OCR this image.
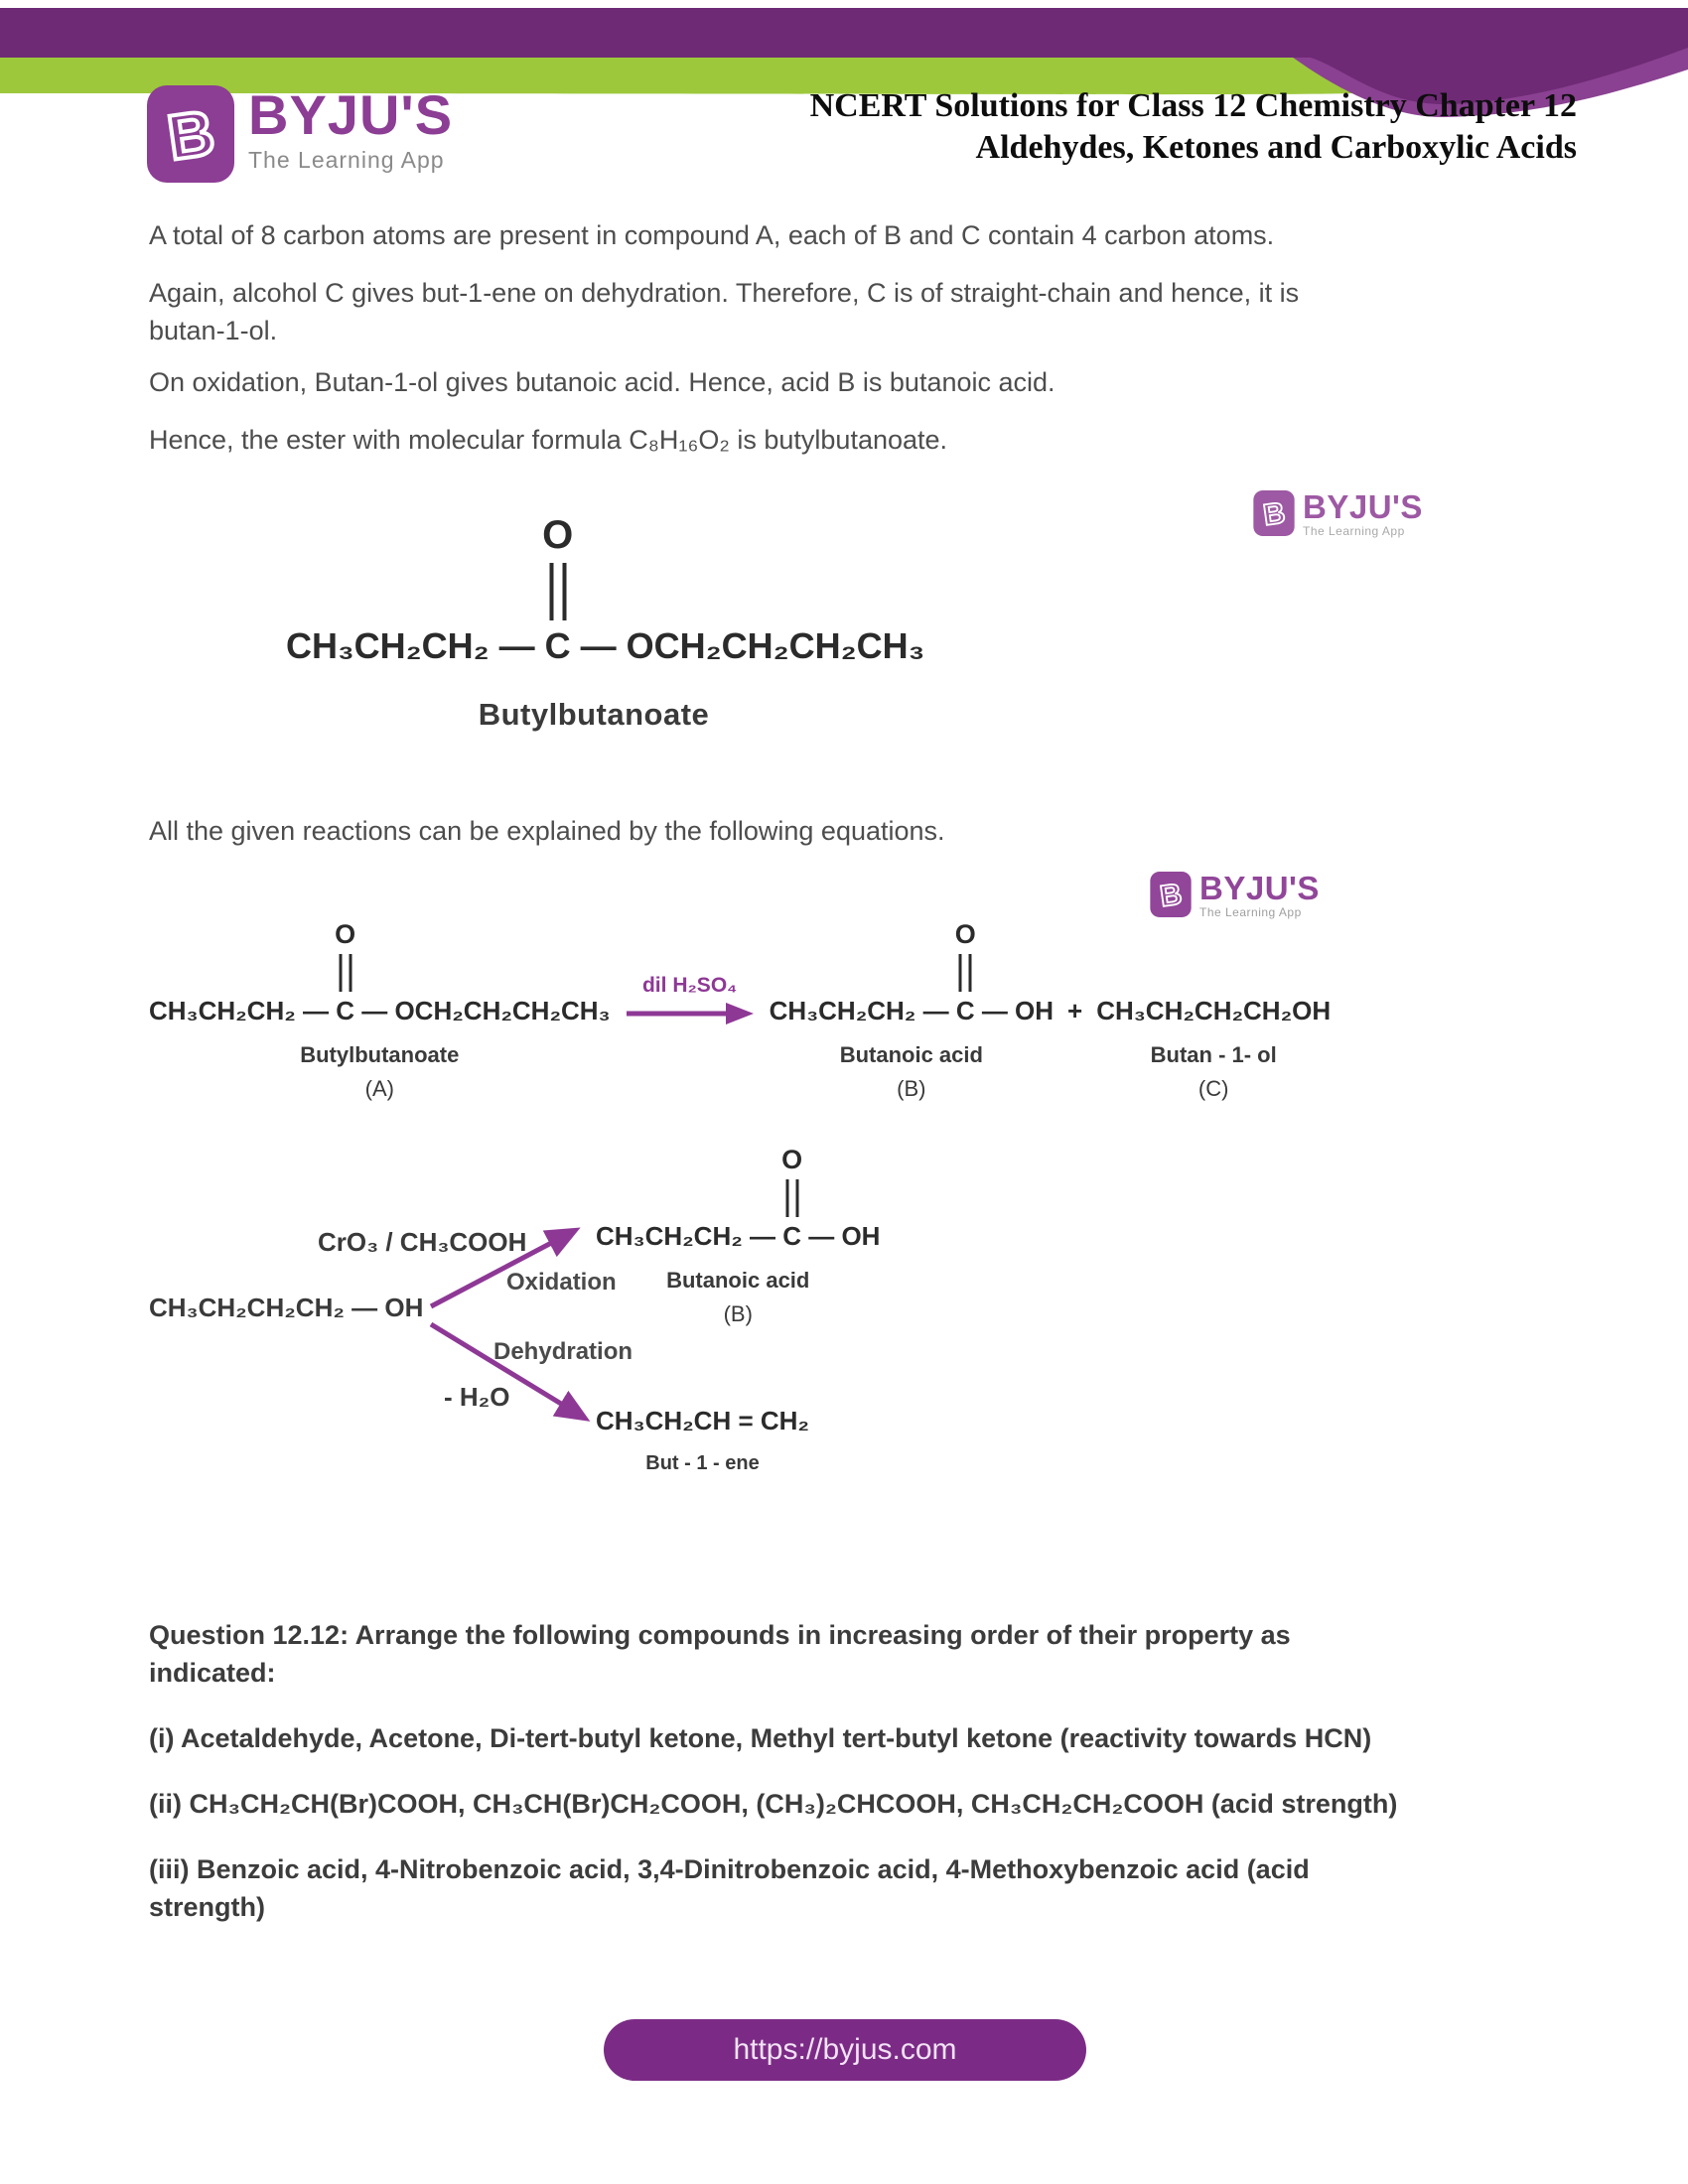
B BYJU'S
The Learning App
NCERT Solutions for Class 12 Chemistry Chapter 12
Aldehydes, Ketones and Carboxylic Acids
A total of 8 carbon atoms are present in compound A, each of B and C contain 4 carbon atoms.
Again, alcohol C gives but-1-ene on dehydration. Therefore, C is of straight-chain and hence, it is
butan-1-ol.
On oxidation, Butan-1-ol gives butanoic acid. Hence, acid B is butanoic acid.
Hence, the ester with molecular formula C₈H₁₆O₂ is butylbutanoate.
All the given reactions can be explained by the following equations.
B BYJU'S
The Learning App
CH₃CH₂CH₂ — C
O
— OCH₂CH₂CH₂CH₃
Butylbutanoate
B BYJU'S
The Learning App
CH₃CH₂CH₂ — C
O
— OCH₂CH₂CH₂CH₃
Butylbutanoate
(A)
dil H₂SO₄
CH₃CH₂CH₂ — C
O
— OH
Butanoic acid
(B)
+ CH₃CH₂CH₂CH₂OH
Butan - 1- ol
(C)
CrO₃ / CH₃COOH
Oxidation
CH₃CH₂CH₂ — C
O
— OH
Butanoic acid
(B)
CH₃CH₂CH₂CH₂ — OH
Dehydration
- H₂O
CH₃CH₂CH = CH₂
But - 1 - ene
Question 12.12: Arrange the following compounds in increasing order of their property as
indicated:
(i) Acetaldehyde, Acetone, Di-tert-butyl ketone, Methyl tert-butyl ketone (reactivity towards HCN)
(ii) CH₃CH₂CH(Br)COOH, CH₃CH(Br)CH₂COOH, (CH₃)₂CHCOOH, CH₃CH₂CH₂COOH (acid strength)
(iii) Benzoic acid, 4-Nitrobenzoic acid, 3,4-Dinitrobenzoic acid, 4-Methoxybenzoic acid (acid
strength)
https://byjus.com
